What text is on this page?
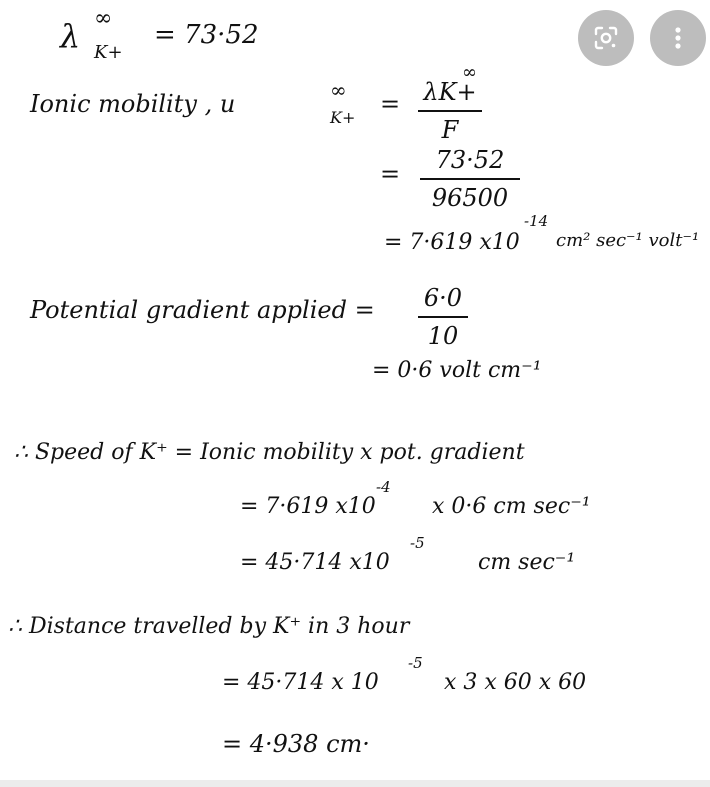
λ ∞
K+
= 73·52
Ionic mobility , u	∞
K+ = λK+
F
∞
=	73·52
96500
= 7·619 x10
-14
cm² sec⁻¹ volt⁻¹
Potential gradient applied = 6·0
10
= 0·6 volt cm⁻¹
∴ Speed of K⁺ = Ionic mobility x pot. gradient
= 7·619 x10
-4
x 0·6 cm sec⁻¹
= 45·714 x10
-5
cm sec⁻¹
∴ Distance travelled by K⁺ in 3 hour
= 45·714 x 10
-5
x 3 x 60 x 60
= 4·938 cm·
